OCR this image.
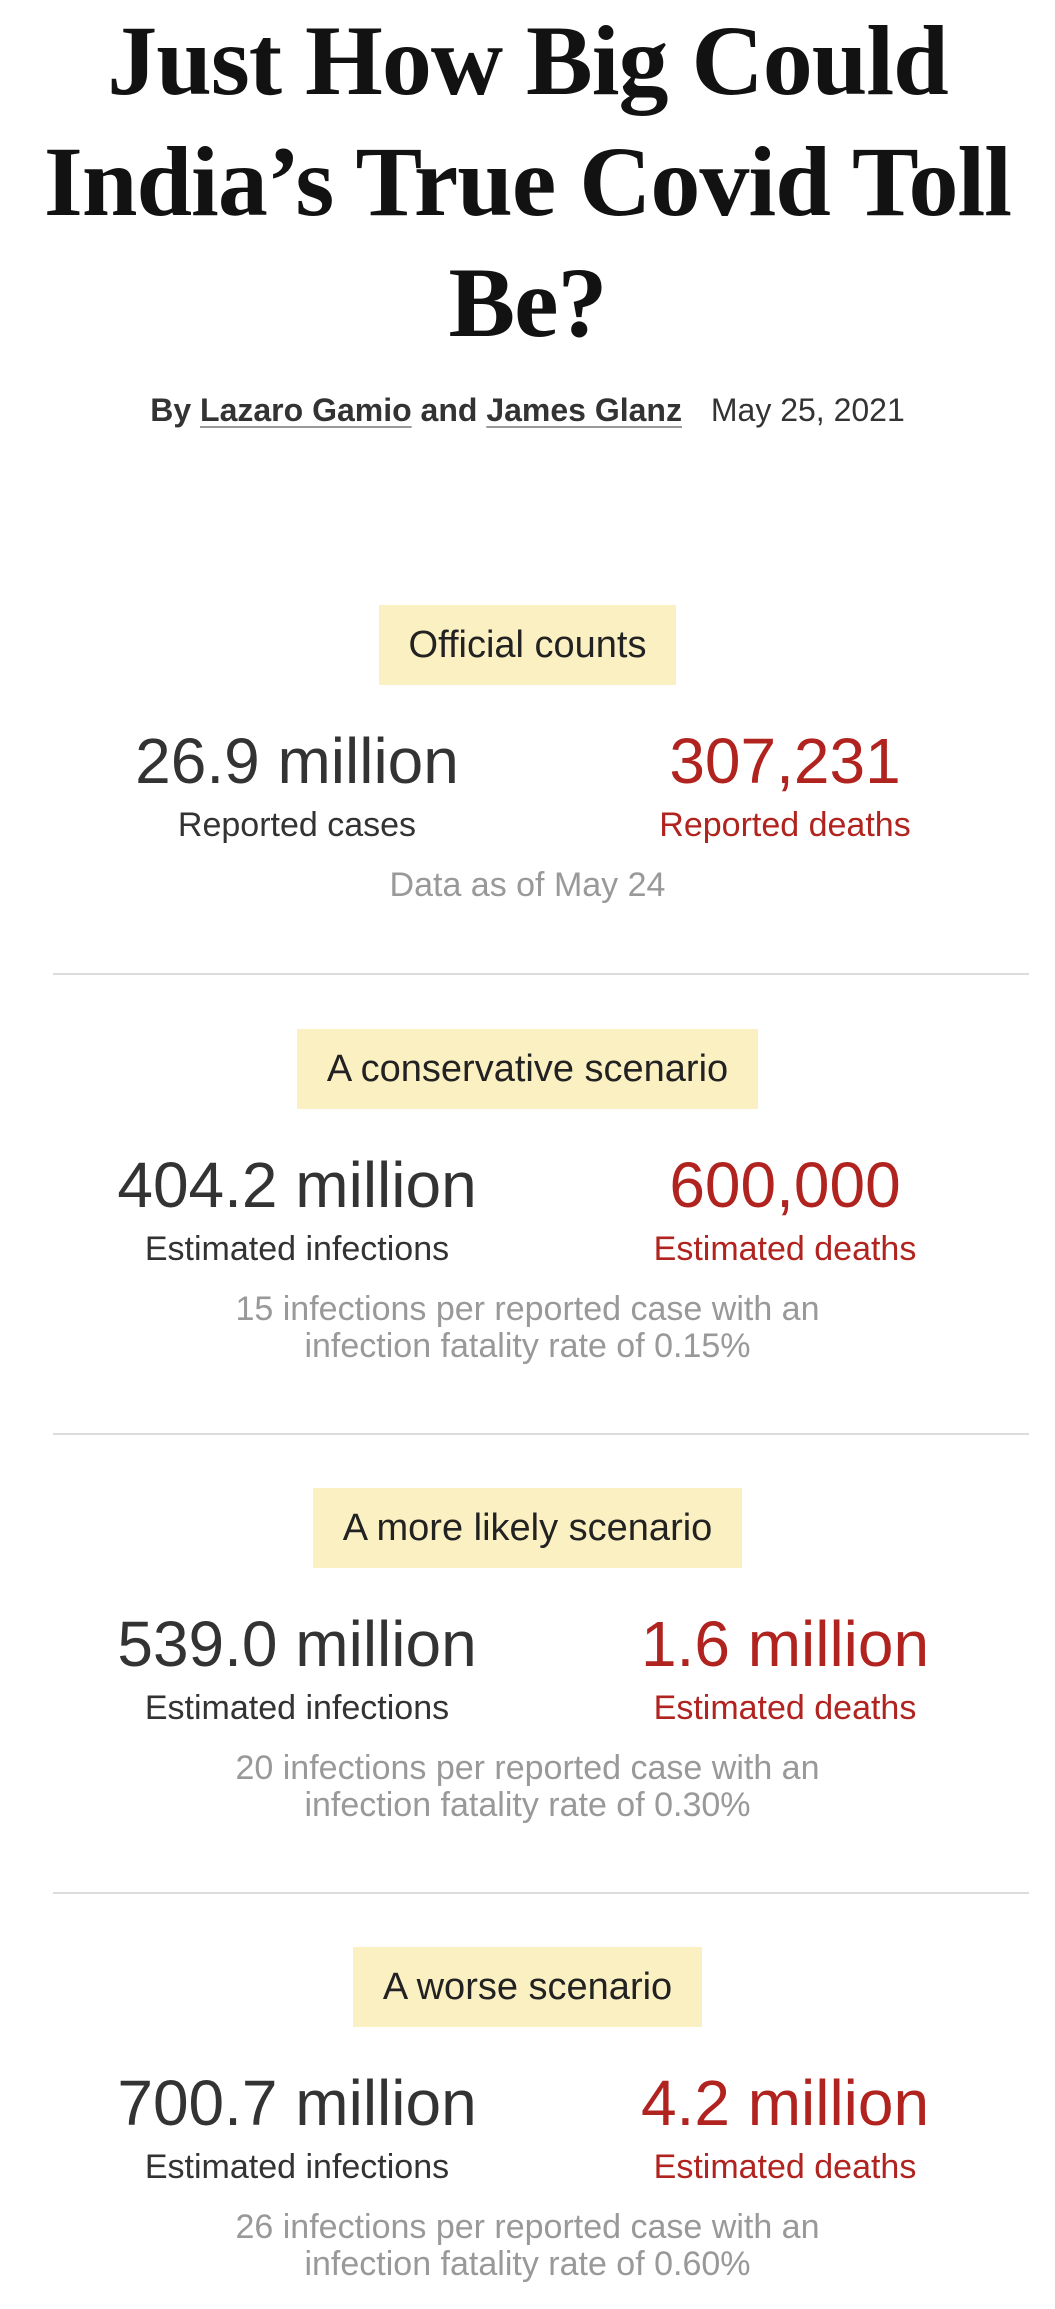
Just How Big Could India’s True Covid Toll Be?
By Lazaro Gamio and James Glanz May 25, 2021
Official counts
26.9 million
Reported cases
307,231
Reported deaths
Data as of May 24
A conservative scenario
404.2 million
Estimated infections
600,000
Estimated deaths
15 infections per reported case with an infection fatality rate of 0.15%
A more likely scenario
539.0 million
Estimated infections
1.6 million
Estimated deaths
20 infections per reported case with an infection fatality rate of 0.30%
A worse scenario
700.7 million
Estimated infections
4.2 million
Estimated deaths
26 infections per reported case with an infection fatality rate of 0.60%
